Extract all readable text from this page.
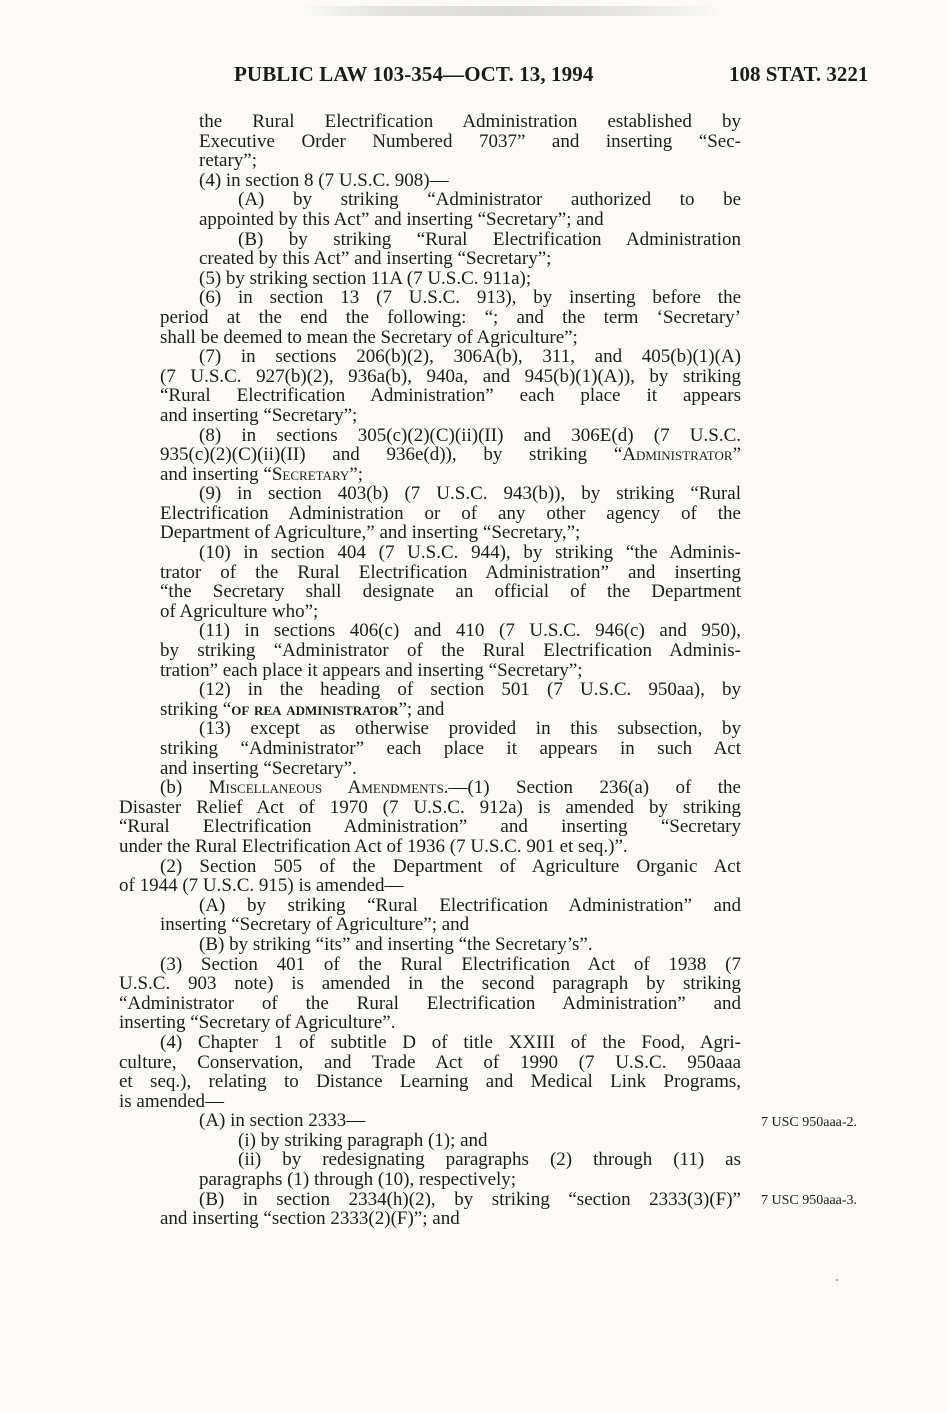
PUBLIC LAW 103-354—OCT. 13, 1994	108 STAT. 3221
the Rural Electrification Administration established by
Executive Order Numbered 7037” and inserting “Sec-
retary”;
(4) in section 8 (7 U.S.C. 908)—
(A) by striking “Administrator authorized to be
appointed by this Act” and inserting “Secretary”; and
(B) by striking “Rural Electrification Administration
created by this Act” and inserting “Secretary”;
(5) by striking section 11A (7 U.S.C. 911a);
(6) in section 13 (7 U.S.C. 913), by inserting before the
period at the end the following: “; and the term ‘Secretary’
shall be deemed to mean the Secretary of Agriculture”;
(7) in sections 206(b)(2), 306A(b), 311, and 405(b)(1)(A)
(7 U.S.C. 927(b)(2), 936a(b), 940a, and 945(b)(1)(A)), by striking
“Rural Electrification Administration” each place it appears
and inserting “Secretary”;
(8) in sections 305(c)(2)(C)(ii)(II) and 306E(d) (7 U.S.C.
935(c)(2)(C)(ii)(II) and 936e(d)), by striking “Administrator”
and inserting “Secretary”;
(9) in section 403(b) (7 U.S.C. 943(b)), by striking “Rural
Electrification Administration or of any other agency of the
Department of Agriculture,” and inserting “Secretary,”;
(10) in section 404 (7 U.S.C. 944), by striking “the Adminis-
trator of the Rural Electrification Administration” and inserting
“the Secretary shall designate an official of the Department
of Agriculture who”;
(11) in sections 406(c) and 410 (7 U.S.C. 946(c) and 950),
by striking “Administrator of the Rural Electrification Adminis-
tration” each place it appears and inserting “Secretary”;
(12) in the heading of section 501 (7 U.S.C. 950aa), by
striking “of rea administrator”; and
(13) except as otherwise provided in this subsection, by
striking “Administrator” each place it appears in such Act
and inserting “Secretary”.
(b) Miscellaneous Amendments.—(1) Section 236(a) of the
Disaster Relief Act of 1970 (7 U.S.C. 912a) is amended by striking
“Rural Electrification Administration” and inserting “Secretary
under the Rural Electrification Act of 1936 (7 U.S.C. 901 et seq.)”.
(2) Section 505 of the Department of Agriculture Organic Act
of 1944 (7 U.S.C. 915) is amended—
(A) by striking “Rural Electrification Administration” and
inserting “Secretary of Agriculture”; and
(B) by striking “its” and inserting “the Secretary’s”.
(3) Section 401 of the Rural Electrification Act of 1938 (7
U.S.C. 903 note) is amended in the second paragraph by striking
“Administrator of the Rural Electrification Administration” and
inserting “Secretary of Agriculture”.
(4) Chapter 1 of subtitle D of title XXIII of the Food, Agri-
culture, Conservation, and Trade Act of 1990 (7 U.S.C. 950aaa
et seq.), relating to Distance Learning and Medical Link Programs,
is amended—
(A) in section 2333—
(i) by striking paragraph (1); and
(ii) by redesignating paragraphs (2) through (11) as
paragraphs (1) through (10), respectively;
(B) in section 2334(h)(2), by striking “section 2333(3)(F)”
and inserting “section 2333(2)(F)”; and
7 USC 950aaa-2.
7 USC 950aaa-3.
